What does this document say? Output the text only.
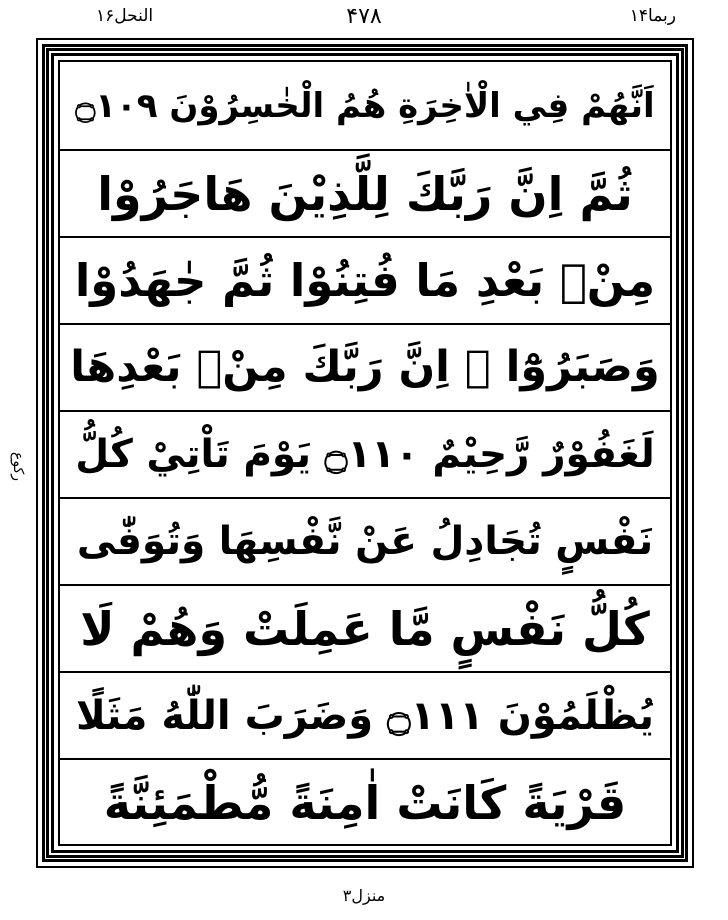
ربما۱۴
۴۷۸
النحل۱۶
رکوع
اَنَّهُمْ فِي الْاٰخِرَةِ هُمُ الْخٰسِرُوْنَ ۝١٠٩
ثُمَّ اِنَّ رَبَّكَ لِلَّذِيْنَ هَاجَرُوْا
مِنْۢ بَعْدِ مَا فُتِنُوْا ثُمَّ جٰهَدُوْا
وَصَبَرُوْٓا ۙ اِنَّ رَبَّكَ مِنْۢ بَعْدِهَا
لَغَفُوْرٌ رَّحِيْمٌ ۝١١٠ يَوْمَ تَاْتِيْ كُلُّ
نَفْسٍ تُجَادِلُ عَنْ نَّفْسِهَا وَتُوَفّٰى
كُلُّ نَفْسٍ مَّا عَمِلَتْ وَهُمْ لَا
يُظْلَمُوْنَ ۝١١١ وَضَرَبَ اللّٰهُ مَثَلًا
قَرْيَةً كَانَتْ اٰمِنَةً مُّطْمَئِنَّةً
منزل۳
